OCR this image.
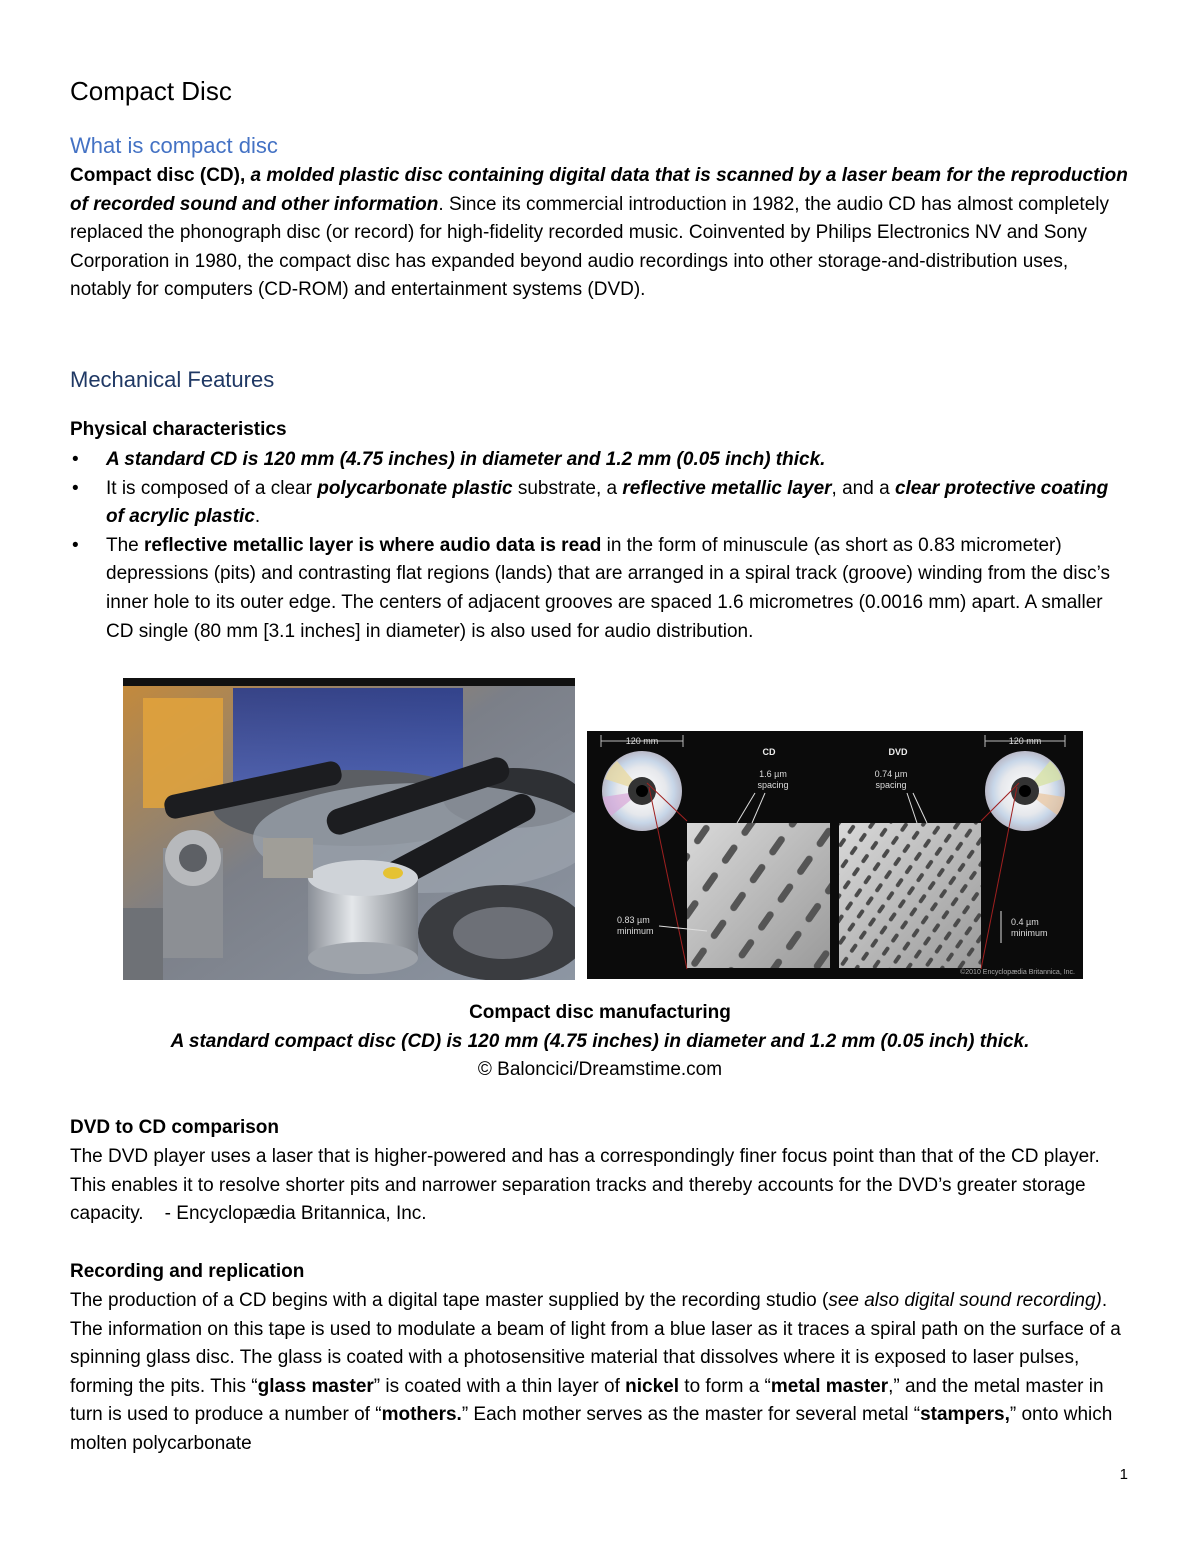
Compact Disc
What is compact disc

Compact disc (CD), a molded plastic disc containing digital data that is scanned by a laser beam for the reproduction of recorded sound and other information. Since its commercial introduction in 1982, the audio CD has almost completely replaced the phonograph disc (or record) for high-fidelity recorded music. Coinvented by Philips Electronics NV and Sony Corporation in 1980, the compact disc has expanded beyond audio recordings into other storage-and-distribution uses, notably for computers (CD-ROM) and entertainment systems (DVD).

Mechanical Features

Physical characteristics

• A standard CD is 120 mm (4.75 inches) in diameter and 1.2 mm (0.05 inch) thick.
• It is composed of a clear polycarbonate plastic substrate, a reflective metallic layer, and a clear protective coating of acrylic plastic.
• The reflective metallic layer is where audio data is read in the form of minuscule (as short as 0.83 micrometer) depressions (pits) and contrasting flat regions (lands) that are arranged in a spiral track (groove) winding from the disc’s inner hole to its outer edge. The centers of adjacent grooves are spaced 1.6 micrometres (0.0016 mm) apart. A smaller CD single (80 mm [3.1 inches] in diameter) is also used for audio distribution.
120 mm	120 mm
CD	DVD
1.6 µm
spacing
0.74 µm
spacing
0.83 µm
minimum
0.4 µm
minimum
©2010 Encyclopædia Britannica, Inc.

Compact disc manufacturing

A standard compact disc (CD) is 120 mm (4.75 inches) in diameter and 1.2 mm (0.05 inch) thick.

© Baloncici/Dreamstime.com

DVD to CD comparison

The DVD player uses a laser that is higher-powered and has a correspondingly finer focus point than that of the CD player. This enables it to resolve shorter pits and narrower separation tracks and thereby accounts for the DVD’s greater storage capacity.    - Encyclopædia Britannica, Inc.

Recording and replication

The production of a CD begins with a digital tape master supplied by the recording studio (see also digital sound recording). The information on this tape is used to modulate a beam of light from a blue laser as it traces a spiral path on the surface of a spinning glass disc. The glass is coated with a photosensitive material that dissolves where it is exposed to laser pulses, forming the pits. This “glass master” is coated with a thin layer of nickel to form a “metal master,” and the metal master in turn is used to produce a number of “mothers.” Each mother serves as the master for several metal “stampers,” onto which molten polycarbonate

1
